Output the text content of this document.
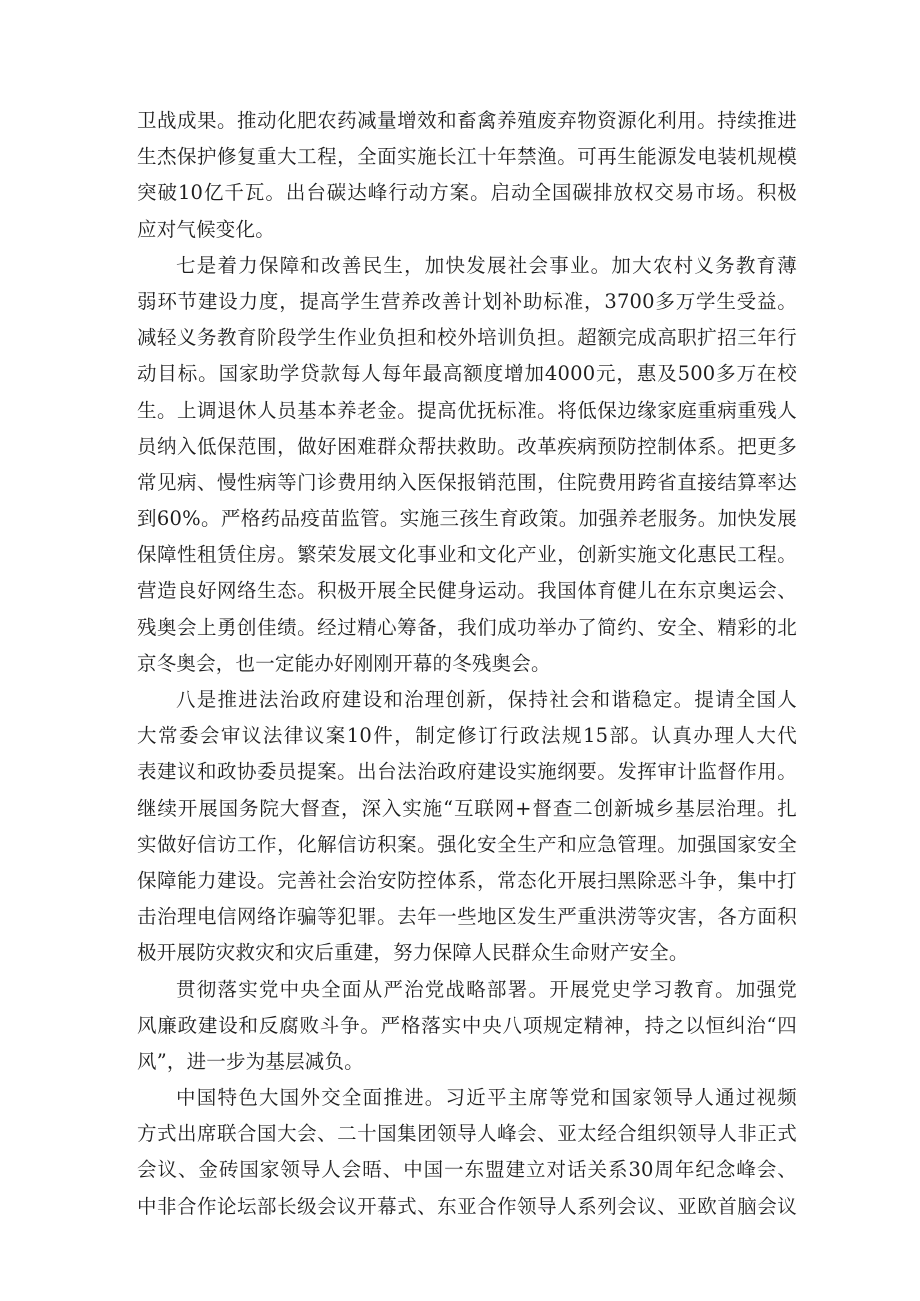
卫战成果。推动化肥农药减量增效和畜禽养殖废弃物资源化利用。持续推进
生杰保护修复重大工程，全面实施长江十年禁渔。可再生能源发电装机规模
突破10亿千瓦。出台碳达峰行动方案。启动全国碳排放权交易市场。积极
应对气候变化。
七是着力保障和改善民生，加快发展社会事业。加大农村义务教育薄
弱环节建设力度，提高学生营养改善计划补助标准，3700多万学生受益。
减轻义务教育阶段学生作业负担和校外培训负担。超额完成高职扩招三年行
动目标。国家助学贷款每人每年最高额度增加4000元，惠及500多万在校
生。上调退休人员基本养老金。提高优抚标准。将低保边缘家庭重病重残人
员纳入低保范围，做好困难群众帮扶救助。改革疾病预防控制体系。把更多
常见病、慢性病等门诊费用纳入医保报销范围，住院费用跨省直接结算率达
到60%。严格药品疫苗监管。实施三孩生育政策。加强养老服务。加快发展
保障性租赁住房。繁荣发展文化事业和文化产业，创新实施文化惠民工程。
营造良好网络生态。积极开展全民健身运动。我国体育健儿在东京奥运会、
残奥会上勇创佳绩。经过精心筹备，我们成功举办了简约、安全、精彩的北
京冬奥会，也一定能办好刚刚开幕的冬残奥会。
八是推进法治政府建设和治理创新，保持社会和谐稳定。提请全国人
大常委会审议法律议案10件，制定修订行政法规15部。认真办理人大代
表建议和政协委员提案。出台法治政府建设实施纲要。发挥审计监督作用。
继续开展国务院大督查，深入实施“互联网+督查二创新城乡基层治理。扎
实做好信访工作，化解信访积案。强化安全生产和应急管理。加强国家安全
保障能力建设。完善社会治安防控体系，常态化开展扫黑除恶斗争，集中打
击治理电信网络诈骗等犯罪。去年一些地区发生严重洪涝等灾害，各方面积
极开展防灾救灾和灾后重建，努力保障人民群众生命财产安全。
贯彻落实党中央全面从严治党战略部署。开展党史学习教育。加强党
风廉政建设和反腐败斗争。严格落实中央八项规定精神，持之以恒纠治“四
风”，进一步为基层减负。
中国特色大国外交全面推进。习近平主席等党和国家领导人通过视频
方式出席联合国大会、二十国集团领导人峰会、亚太经合组织领导人非正式
会议、金砖国家领导人会晤、中国一东盟建立对话关系30周年纪念峰会、
中非合作论坛部长级会议开幕式、东亚合作领导人系列会议、亚欧首脑会议
